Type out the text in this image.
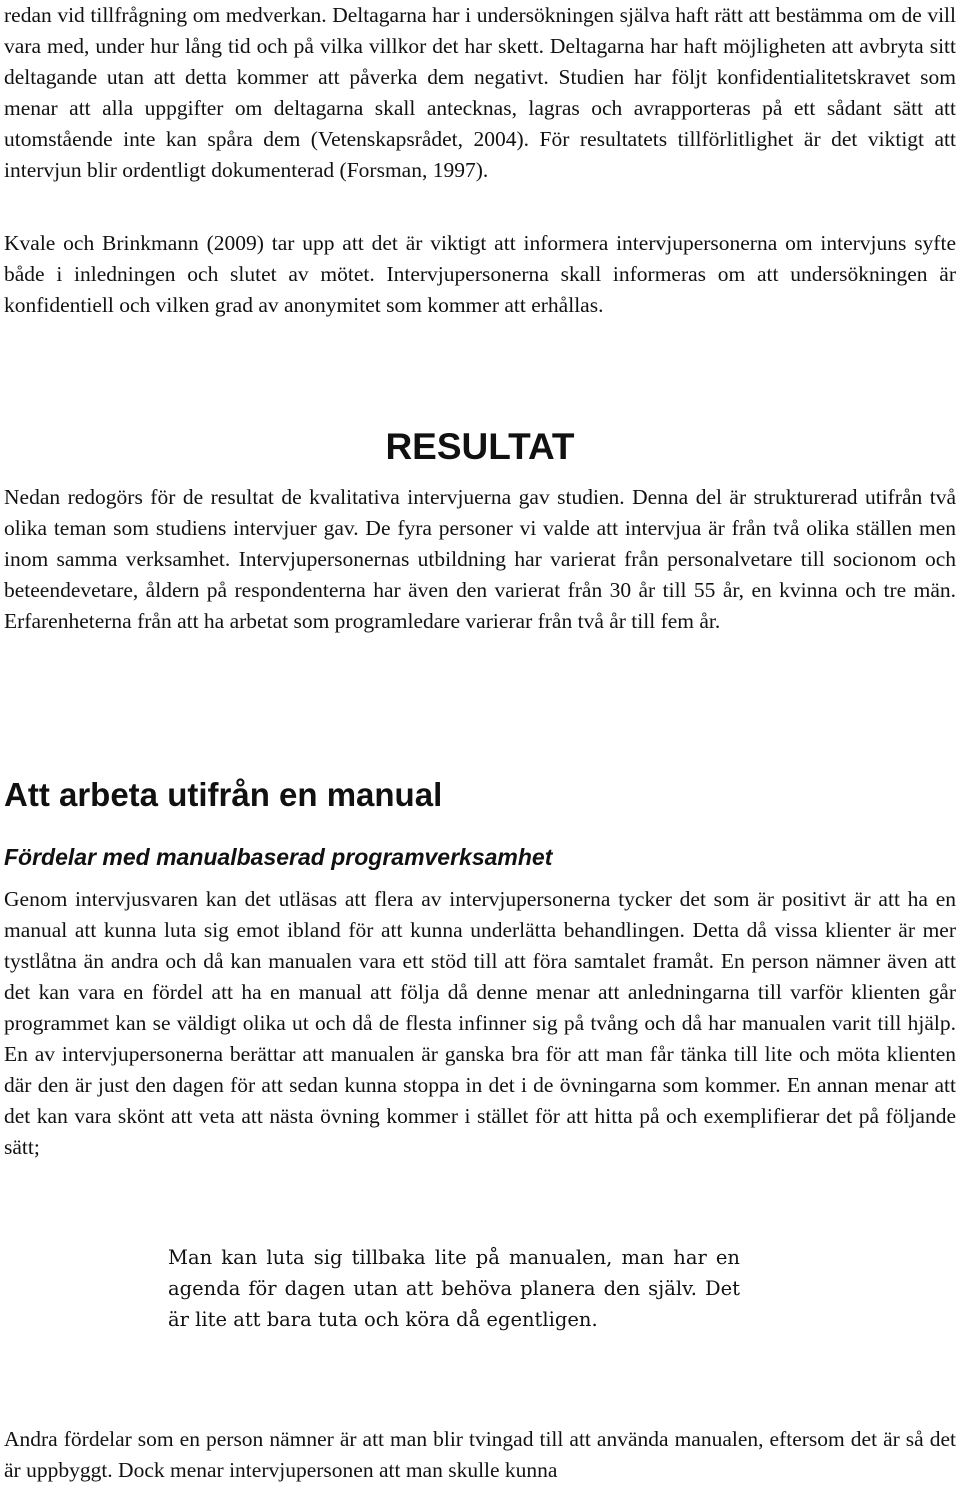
redan vid tillfrågning om medverkan. Deltagarna har i undersökningen själva haft rätt att bestämma om de vill vara med, under hur lång tid och på vilka villkor det har skett. Deltagarna har haft möjligheten att avbryta sitt deltagande utan att detta kommer att påverka dem negativt. Studien har följt konfidentialitetskravet som menar att alla uppgifter om deltagarna skall antecknas, lagras och avrapporteras på ett sådant sätt att utomstående inte kan spåra dem (Vetenskapsrådet, 2004). För resultatets tillförlitlighet är det viktigt att intervjun blir ordentligt dokumenterad (Forsman, 1997).

Kvale och Brinkmann (2009) tar upp att det är viktigt att informera intervjupersonerna om intervjuns syfte både i inledningen och slutet av mötet. Intervjupersonerna skall informeras om att undersökningen är konfidentiell och vilken grad av anonymitet som kommer att erhållas.

RESULTAT

Nedan redogörs för de resultat de kvalitativa intervjuerna gav studien. Denna del är strukturerad utifrån två olika teman som studiens intervjuer gav. De fyra personer vi valde att intervjua är från två olika ställen men inom samma verksamhet. Intervjupersonernas utbildning har varierat från personalvetare till socionom och beteendevetare, åldern på respondenterna har även den varierat från 30 år till 55 år, en kvinna och tre män. Erfarenheterna från att ha arbetat som programledare varierar från två år till fem år.

Att arbeta utifrån en manual
Fördelar med manualbaserad programverksamhet

Genom intervjusvaren kan det utläsas att flera av intervjupersonerna tycker det som är positivt är att ha en manual att kunna luta sig emot ibland för att kunna underlätta behandlingen. Detta då vissa klienter är mer tystlåtna än andra och då kan manualen vara ett stöd till att föra samtalet framåt. En person nämner även att det kan vara en fördel att ha en manual att följa då denne menar att anledningarna till varför klienten går programmet kan se väldigt olika ut och då de flesta infinner sig på tvång och då har manualen varit till hjälp. En av intervjupersonerna berättar att manualen är ganska bra för att man får tänka till lite och möta klienten där den är just den dagen för att sedan kunna stoppa in det i de övningarna som kommer. En annan menar att det kan vara skönt att veta att nästa övning kommer i stället för att hitta på och exemplifierar det på följande sätt;

Man kan luta sig tillbaka lite på manualen, man har en agenda för dagen utan att behöva planera den själv. Det är lite att bara tuta och köra då egentligen.

Andra fördelar som en person nämner är att man blir tvingad till att använda manualen, eftersom det är så det är uppbyggt. Dock menar intervjupersonen att man skulle kunna
